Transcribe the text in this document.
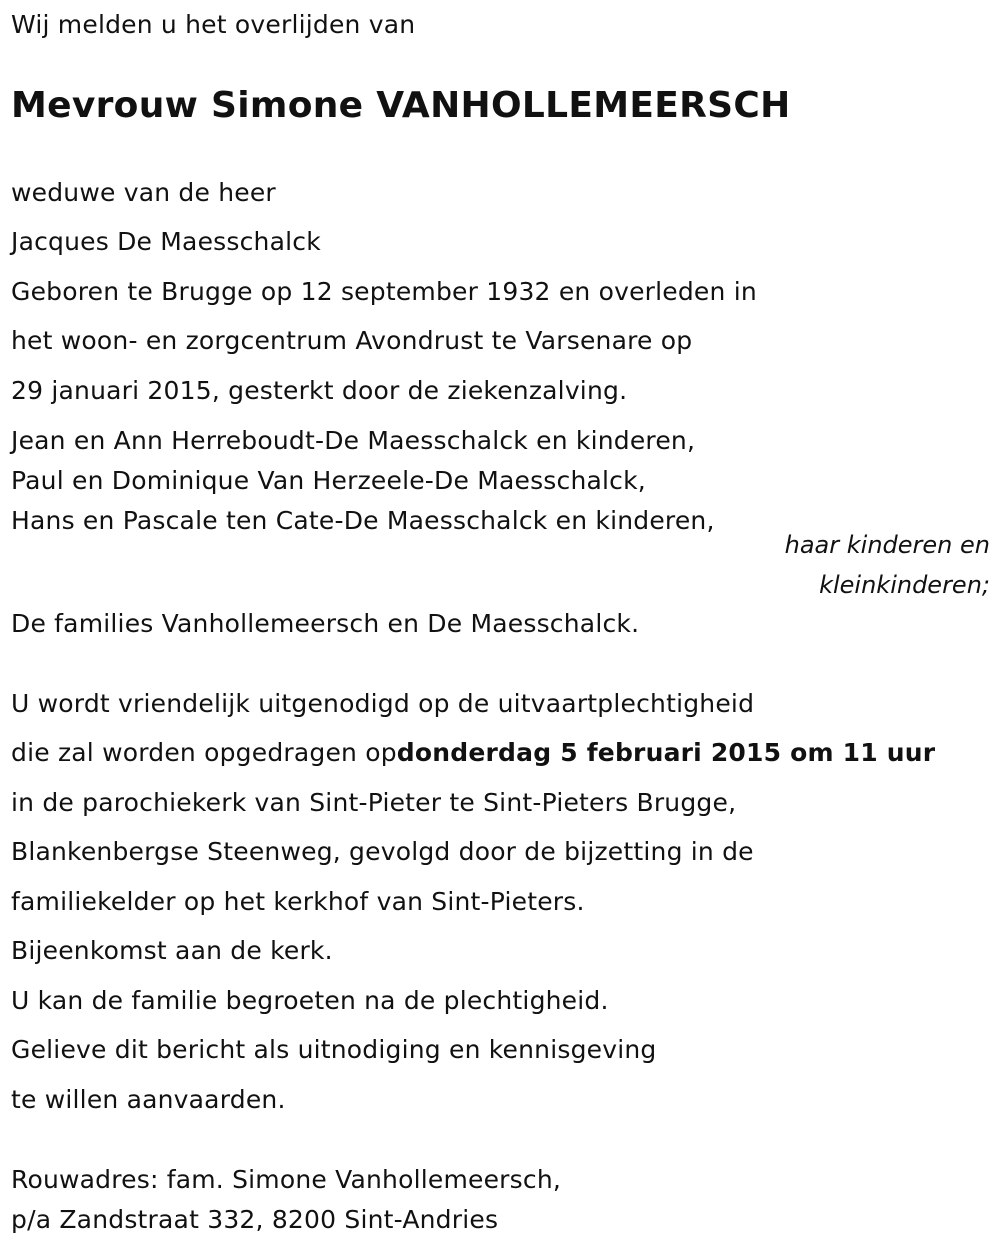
Wij melden u het overlijden van
Mevrouw Simone VANHOLLEMEERSCH
weduwe van de heer
Jacques De Maesschalck
Geboren te Brugge op 12 september 1932 en overleden in
het woon- en zorgcentrum Avondrust te Varsenare op
29 januari 2015, gesterkt door de ziekenzalving.
Jean en Ann Herreboudt-De Maesschalck en kinderen,
Paul en Dominique Van Herzeele-De Maesschalck,
Hans en Pascale ten Cate-De Maesschalck en kinderen,
haar kinderen en
kleinkinderen;
De families Vanhollemeersch en De Maesschalck.
U wordt vriendelijk uitgenodigd op de uitvaartplechtigheid
die zal worden opgedragen opdonderdag 5 februari 2015 om 11 uur
in de parochiekerk van Sint-Pieter te Sint-Pieters Brugge,
Blankenbergse Steenweg, gevolgd door de bijzetting in de
familiekelder op het kerkhof van Sint-Pieters.
Bijeenkomst aan de kerk.
U kan de familie begroeten na de plechtigheid.
Gelieve dit bericht als uitnodiging en kennisgeving
te willen aanvaarden.
Rouwadres: fam. Simone Vanhollemeersch,
p/a Zandstraat 332, 8200 Sint-Andries
